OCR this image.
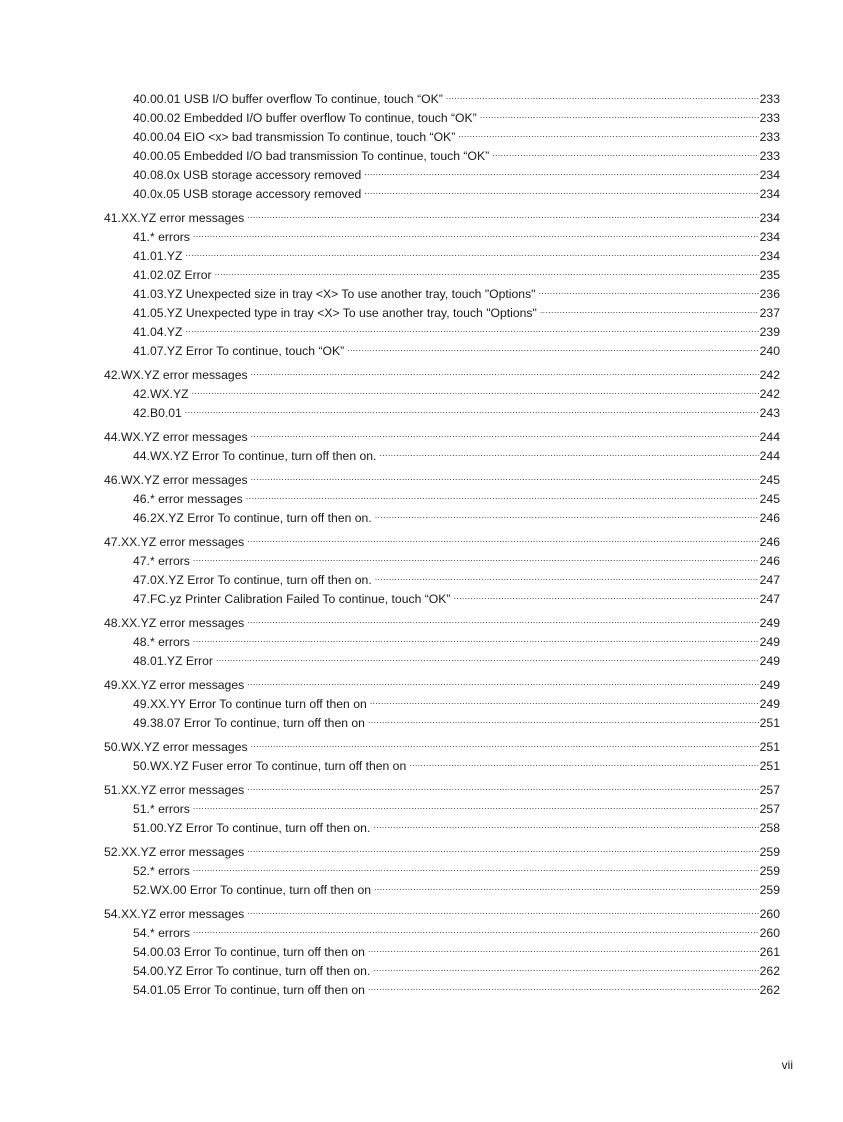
40.00.01 USB I/O buffer overflow To continue, touch “OK” .....	233
40.00.02 Embedded I/O buffer overflow To continue, touch “OK” .....	233
40.00.04 EIO <x> bad transmission To continue, touch “OK” .....	233
40.00.05 Embedded I/O bad transmission To continue, touch “OK” .....	233
40.08.0x USB storage accessory removed .....	234
40.0x.05 USB storage accessory removed .....	234
41.XX.YZ error messages .....	234
41.* errors .....	234
41.01.YZ .....	234
41.02.0Z Error .....	235
41.03.YZ Unexpected size in tray <X> To use another tray, touch "Options" .....	236
41.05.YZ Unexpected type in tray <X> To use another tray, touch "Options" .....	237
41.04.YZ .....	239
41.07.YZ Error To continue, touch “OK” .....	240
42.WX.YZ error messages .....	242
42.WX.YZ .....	242
42.B0.01 .....	243
44.WX.YZ error messages .....	244
44.WX.YZ Error To continue, turn off then on. .....	244
46.WX.YZ error messages .....	245
46.* error messages .....	245
46.2X.YZ Error To continue, turn off then on. .....	246
47.XX.YZ error messages .....	246
47.* errors .....	246
47.0X.YZ Error To continue, turn off then on. .....	247
47.FC.yz Printer Calibration Failed To continue, touch “OK” .....	247
48.XX.YZ error messages .....	249
48.* errors .....	249
48.01.YZ Error .....	249
49.XX.YZ error messages .....	249
49.XX.YY Error To continue turn off then on .....	249
49.38.07 Error To continue, turn off then on .....	251
50.WX.YZ error messages .....	251
50.WX.YZ Fuser error To continue, turn off then on .....	251
51.XX.YZ error messages .....	257
51.* errors .....	257
51.00.YZ Error To continue, turn off then on. .....	258
52.XX.YZ error messages .....	259
52.* errors .....	259
52.WX.00 Error To continue, turn off then on .....	259
54.XX.YZ error messages .....	260
54.* errors .....	260
54.00.03 Error To continue, turn off then on .....	261
54.00.YZ Error To continue, turn off then on. .....	262
54.01.05 Error To continue, turn off then on .....	262
vii
